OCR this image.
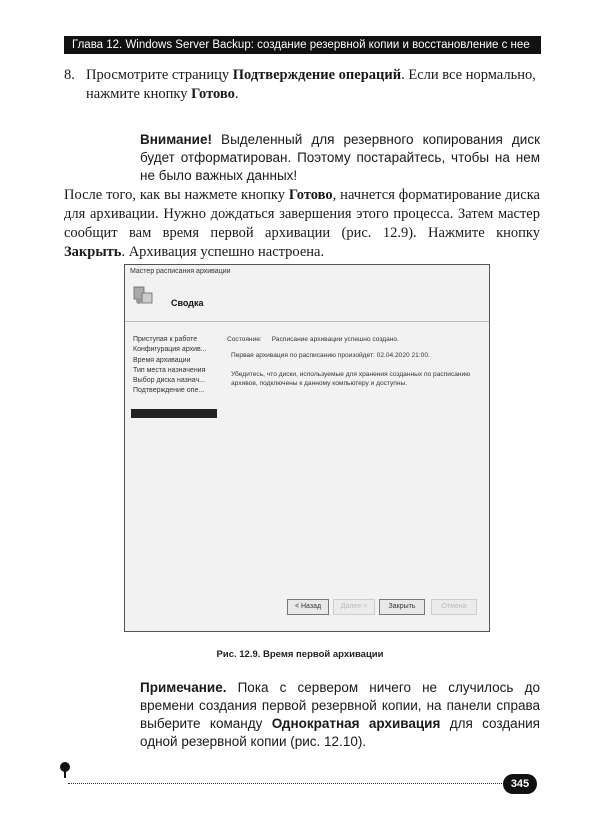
Глава 12. Windows Server Backup: создание резервной копии и восстановление с нее
8. Просмотрите страницу Подтверждение операций. Если все нормально, нажмите кнопку Готово.
Внимание! Выделенный для резервного копирования диск будет отформатирован. Поэтому постарайтесь, чтобы на нем не было важных данных!
После того, как вы нажмете кнопку Готово, начнется форматирование диска для архивации. Нужно дождаться завершения этого процесса. Затем мастер сообщит вам время первой архивации (рис. 12.9). Нажмите кнопку Закрыть. Архивация успешно настроена.
Мастер расписания архивации
Сводка
Приступая к работе
Конфигурация архив...
Время архивации
Тип места назначения
Выбор диска назнач...
Подтверждение опе...
Состояние: Расписание архивации успешно создано.
Первая архивация по расписанию произойдет: 02.04.2020 21:00.
Убедитесь, что диски, используемые для хранения созданных по расписанию архивов, подключены к данному компьютеру и доступны.
< Назад	Далее >	Закрыть	Отмена
Рис. 12.9. Время первой архивации
Примечание. Пока с сервером ничего не случилось до времени создания первой резервной копии, на панели справа выберите команду Однократная архивация для создания одной резервной копии (рис. 12.10).
345
